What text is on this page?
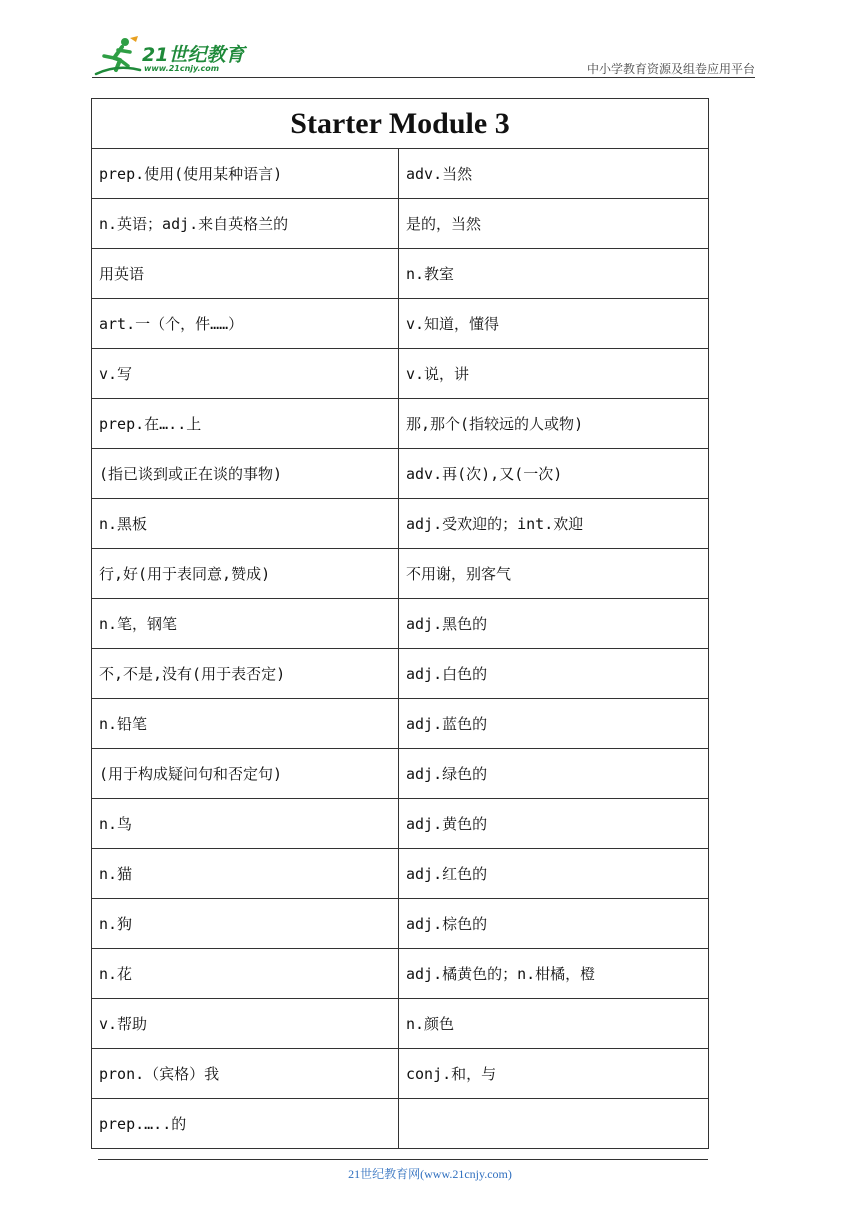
21世纪教育
www.21cnjy.com	中小学教育资源及组卷应用平台
Starter Module 3	
prep.使用(使用某种语言)	adv.当然
n.英语；adj.来自英格兰的	是的，当然
用英语	n.教室
art.一（个，件……）	v.知道，懂得
v.写	v.说，讲
prep.在…..上	那,那个(指较远的人或物)
(指已谈到或正在谈的事物)	adv.再(次),又(一次)
n.黑板	adj.受欢迎的；int.欢迎
行,好(用于表同意,赞成)	不用谢，别客气
n.笔，钢笔	adj.黑色的
不,不是,没有(用于表否定)	adj.白色的
n.铅笔	adj.蓝色的
(用于构成疑问句和否定句)	adj.绿色的
n.鸟	adj.黄色的
n.猫	adj.红色的
n.狗	adj.棕色的
n.花	adj.橘黄色的；n.柑橘，橙
v.帮助	n.颜色
pron.（宾格）我	conj.和，与
prep.…..的	
21世纪教育网(www.21cnjy.com)
